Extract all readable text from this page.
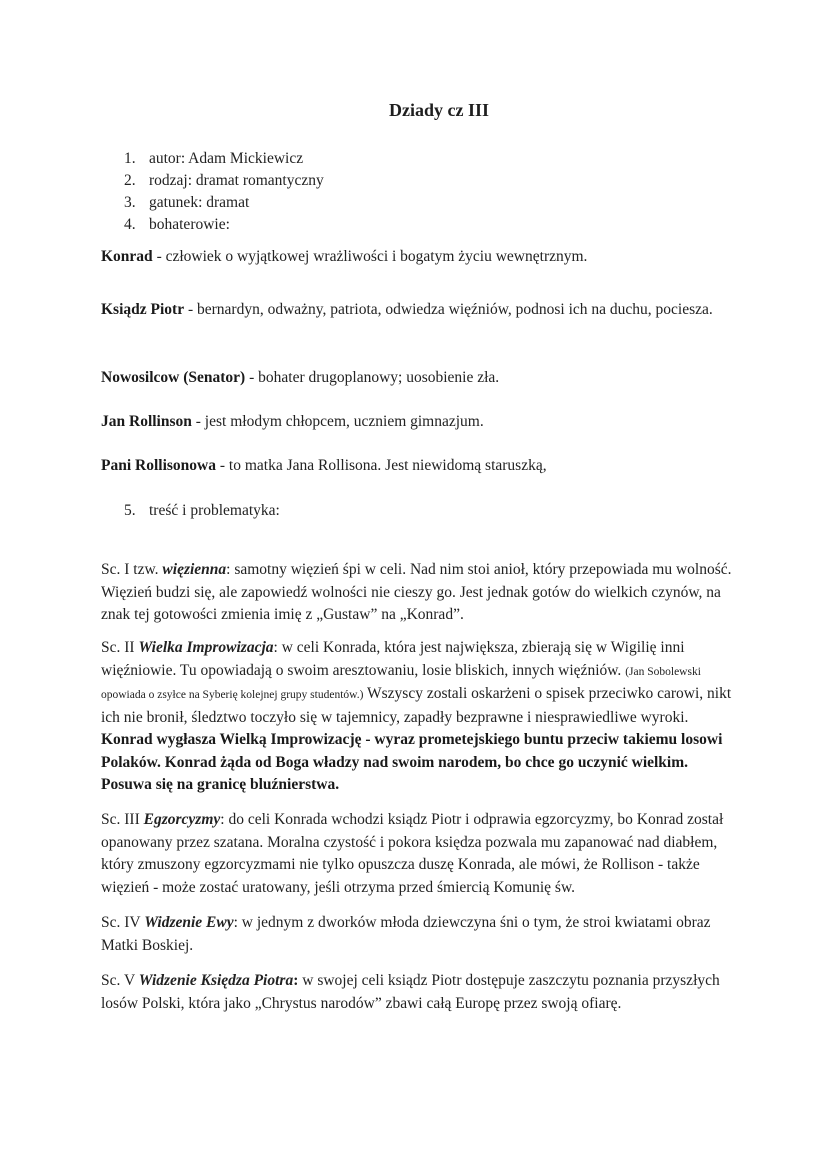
Dziady cz III
1. autor: Adam Mickiewicz
2. rodzaj: dramat romantyczny
3. gatunek: dramat
4. bohaterowie:

Konrad - człowiek o wyjątkowej wrażliwości i bogatym życiu wewnętrznym.

Ksiądz Piotr - bernardyn, odważny, patriota, odwiedza więźniów, podnosi ich na duchu, pociesza.

Nowosilcow (Senator) - bohater drugoplanowy; uosobienie zła.

Jan Rollinson - jest młodym chłopcem, uczniem gimnazjum.

Pani Rollisonowa - to matka Jana Rollisona. Jest niewidomą staruszką,

5. treść i problematyka:

Sc. I tzw. więzienna: samotny więzień śpi w celi. Nad nim stoi anioł, który przepowiada mu wolność. Więzień budzi się, ale zapowiedź wolności nie cieszy go. Jest jednak gotów do wielkich czynów, na znak tej gotowości zmienia imię z „Gustaw” na „Konrad”.

Sc. II Wielka Improwizacja: w celi Konrada, która jest największa, zbierają się w Wigilię inni więźniowie. Tu opowiadają o swoim aresztowaniu, losie bliskich, innych więźniów. (Jan Sobolewski opowiada o zsyłce na Syberię kolejnej grupy studentów.) Wszyscy zostali oskarżeni o spisek przeciwko carowi, nikt ich nie bronił, śledztwo toczyło się w tajemnicy, zapadły bezprawne i niesprawiedliwe wyroki. Konrad wygłasza Wielką Improwizację - wyraz prometejskiego buntu przeciw takiemu losowi Polaków. Konrad żąda od Boga władzy nad swoim narodem, bo chce go uczynić wielkim. Posuwa się na granicę bluźnierstwa.

Sc. III Egzorcyzmy: do celi Konrada wchodzi ksiądz Piotr i odprawia egzorcyzmy, bo Konrad został opanowany przez szatana. Moralna czystość i pokora księdza pozwala mu zapanować nad diabłem, który zmuszony egzorcyzmami nie tylko opuszcza duszę Konrada, ale mówi, że Rollison - także więzień - może zostać uratowany, jeśli otrzyma przed śmiercią Komunię św.

Sc. IV Widzenie Ewy: w jednym z dworków młoda dziewczyna śni o tym, że stroi kwiatami obraz Matki Boskiej.

Sc. V Widzenie Księdza Piotra: w swojej celi ksiądz Piotr dostępuje zaszczytu poznania przyszłych losów Polski, która jako „Chrystus narodów” zbawi całą Europę przez swoją ofiarę.
